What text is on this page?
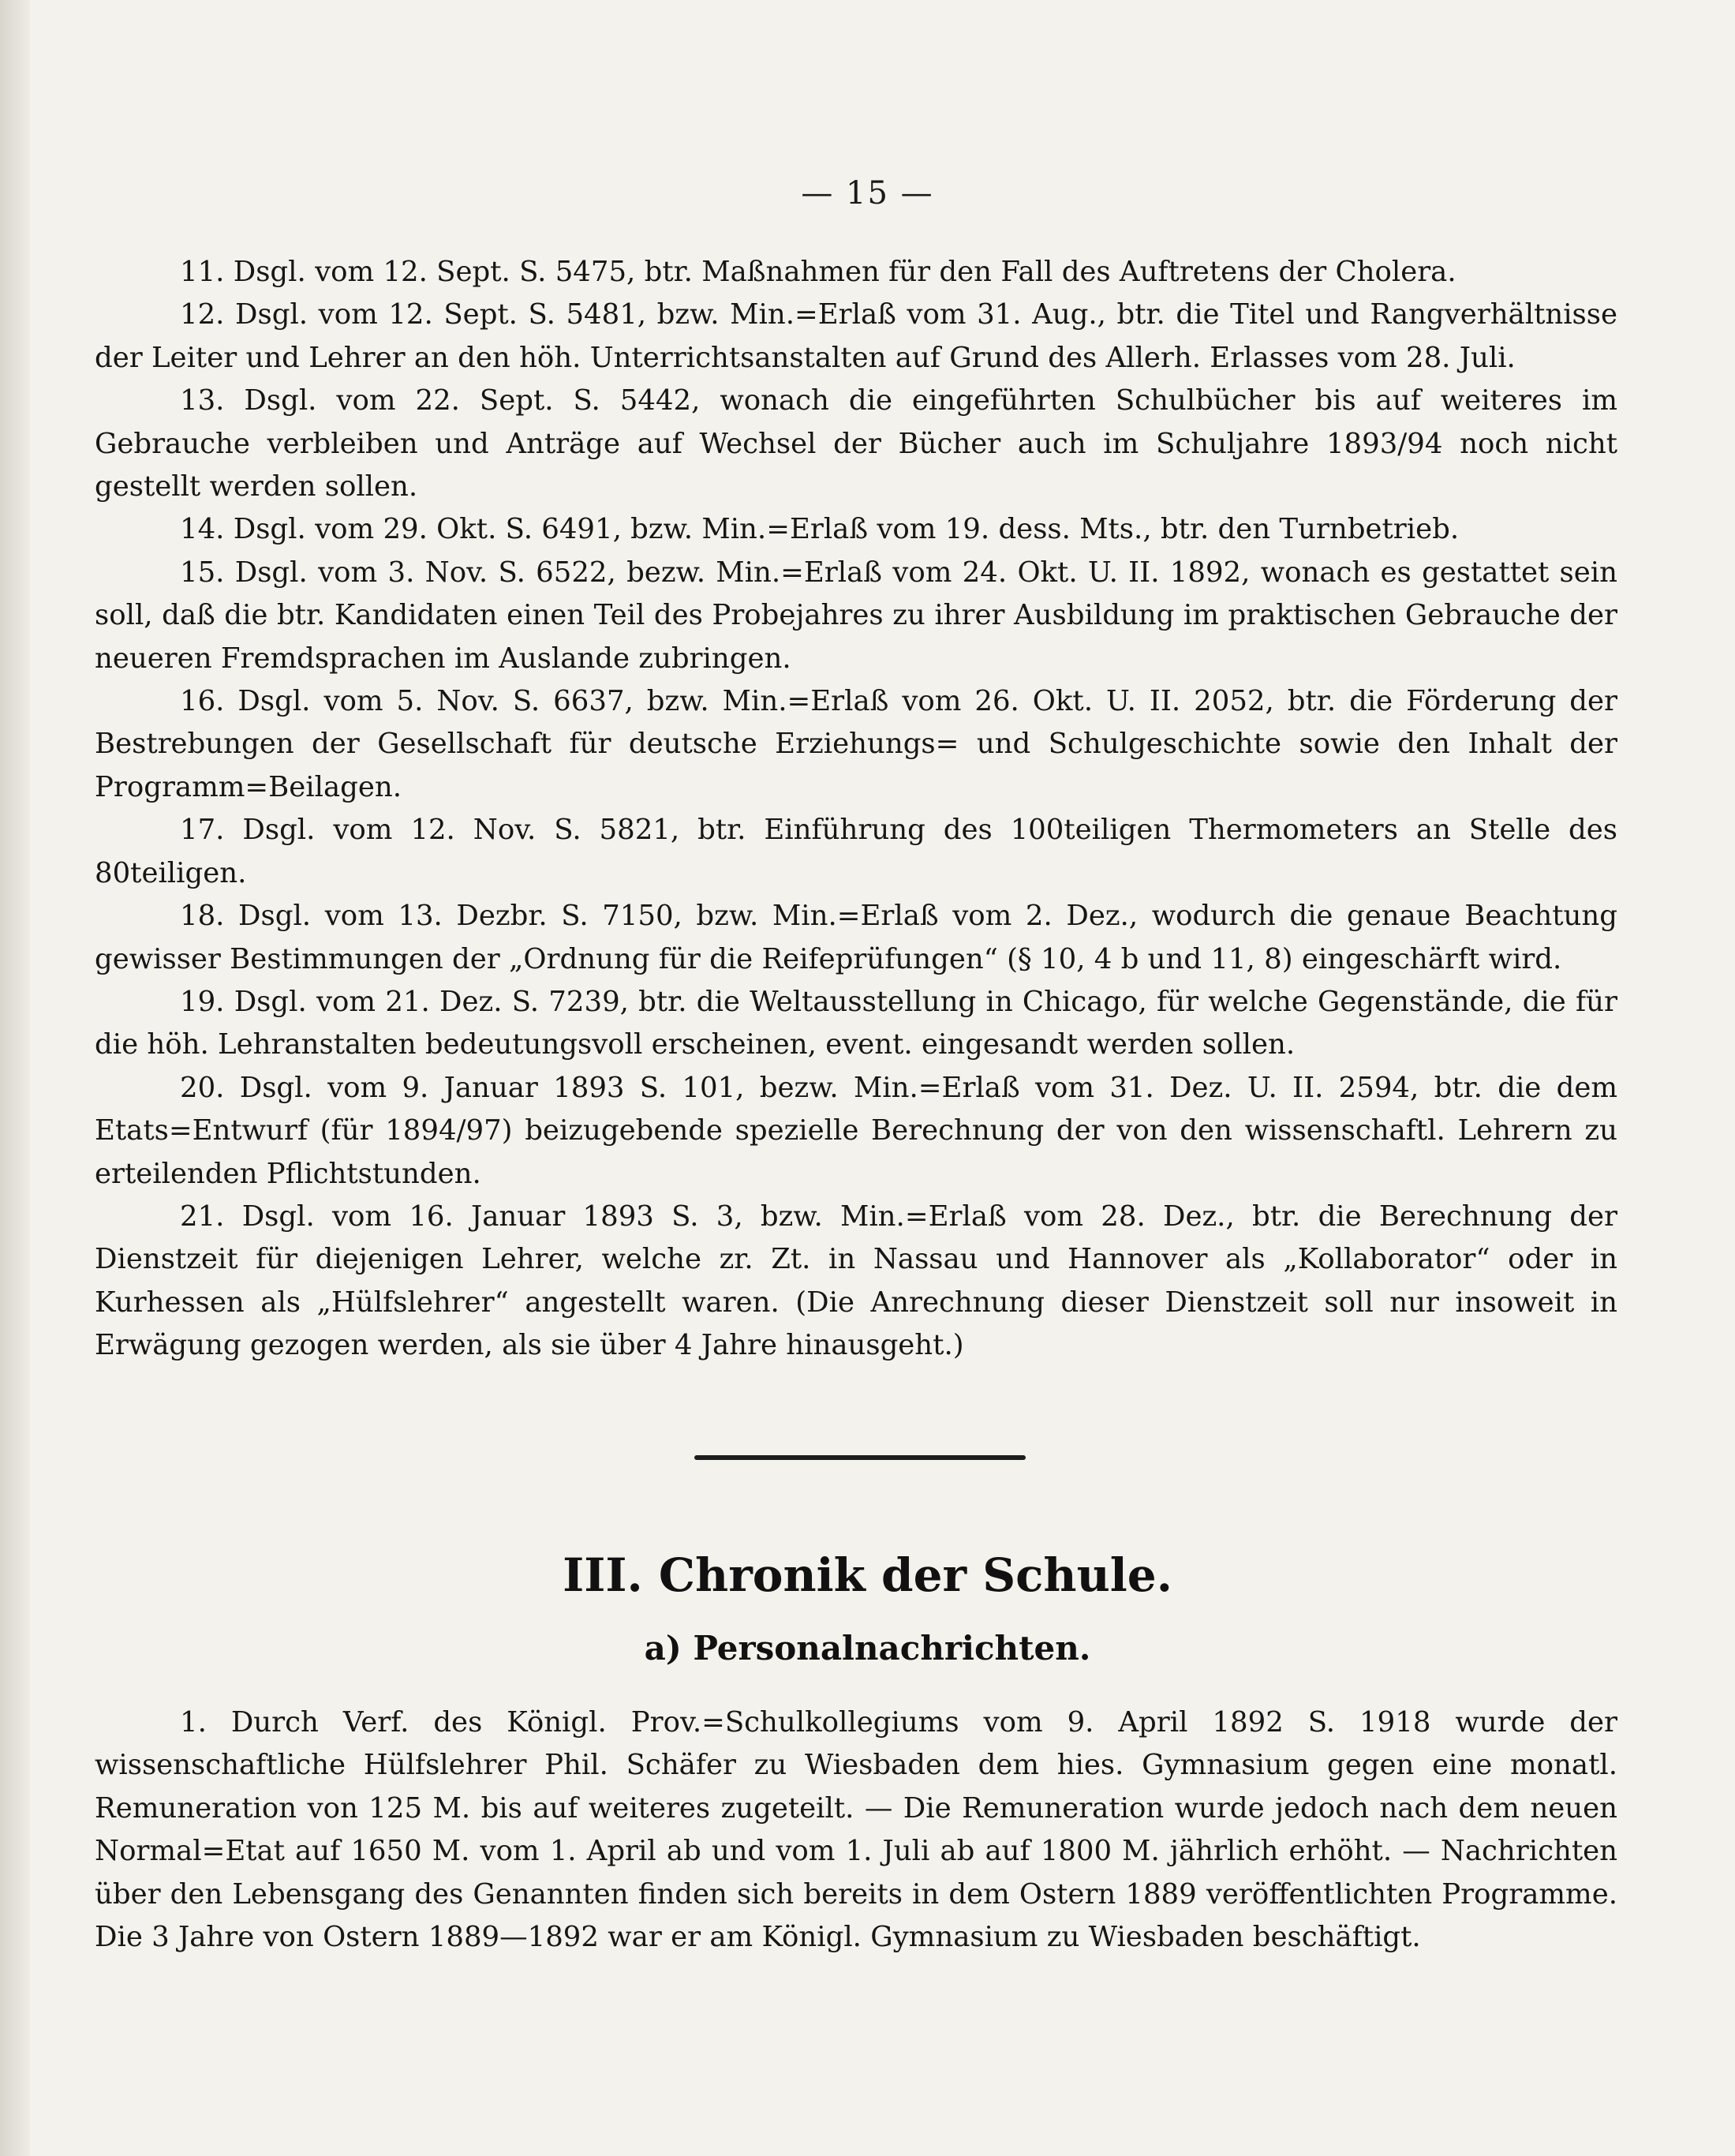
— 15 —

11. Dsgl. vom 12. Sept. S. 5475, btr. Maßnahmen für den Fall des Auftretens der Cholera.

12. Dsgl. vom 12. Sept. S. 5481, bzw. Min.=Erlaß vom 31. Aug., btr. die Titel und Rangverhältnisse der Leiter und Lehrer an den höh. Unterrichtsanstalten auf Grund des Allerh. Erlasses vom 28. Juli.

13. Dsgl. vom 22. Sept. S. 5442, wonach die eingeführten Schulbücher bis auf weiteres im Gebrauche verbleiben und Anträge auf Wechsel der Bücher auch im Schuljahre 1893/94 noch nicht gestellt werden sollen.

14. Dsgl. vom 29. Okt. S. 6491, bzw. Min.=Erlaß vom 19. dess. Mts., btr. den Turnbetrieb.

15. Dsgl. vom 3. Nov. S. 6522, bezw. Min.=Erlaß vom 24. Okt. U. II. 1892, wonach es gestattet sein soll, daß die btr. Kandidaten einen Teil des Probejahres zu ihrer Ausbildung im praktischen Gebrauche der neueren Fremdsprachen im Auslande zubringen.

16. Dsgl. vom 5. Nov. S. 6637, bzw. Min.=Erlaß vom 26. Okt. U. II. 2052, btr. die Förderung der Bestrebungen der Gesellschaft für deutsche Erziehungs= und Schulgeschichte sowie den Inhalt der Programm=Beilagen.

17. Dsgl. vom 12. Nov. S. 5821, btr. Einführung des 100teiligen Thermometers an Stelle des 80teiligen.

18. Dsgl. vom 13. Dezbr. S. 7150, bzw. Min.=Erlaß vom 2. Dez., wodurch die genaue Beachtung gewisser Bestimmungen der „Ordnung für die Reifeprüfungen“ (§ 10, 4 b und 11, 8) eingeschärft wird.

19. Dsgl. vom 21. Dez. S. 7239, btr. die Weltausstellung in Chicago, für welche Gegenstände, die für die höh. Lehranstalten bedeutungsvoll erscheinen, event. eingesandt werden sollen.

20. Dsgl. vom 9. Januar 1893 S. 101, bezw. Min.=Erlaß vom 31. Dez. U. II. 2594, btr. die dem Etats=Entwurf (für 1894/97) beizugebende spezielle Berechnung der von den wissenschaftl. Lehrern zu erteilenden Pflichtstunden.

21. Dsgl. vom 16. Januar 1893 S. 3, bzw. Min.=Erlaß vom 28. Dez., btr. die Berechnung der Dienstzeit für diejenigen Lehrer, welche zr. Zt. in Nassau und Hannover als „Kollaborator“ oder in Kurhessen als „Hülfslehrer“ angestellt waren. (Die Anrechnung dieser Dienstzeit soll nur insoweit in Erwägung gezogen werden, als sie über 4 Jahre hinausgeht.)

III. Chronik der Schule.
a) Personalnachrichten.

1. Durch Verf. des Königl. Prov.=Schulkollegiums vom 9. April 1892 S. 1918 wurde der wissenschaftliche Hülfslehrer Phil. Schäfer zu Wiesbaden dem hies. Gymnasium gegen eine monatl. Remuneration von 125 M. bis auf weiteres zugeteilt. — Die Remuneration wurde jedoch nach dem neuen Normal=Etat auf 1650 M. vom 1. April ab und vom 1. Juli ab auf 1800 M. jährlich erhöht. — Nachrichten über den Lebensgang des Genannten finden sich bereits in dem Ostern 1889 veröffentlichten Programme. Die 3 Jahre von Ostern 1889—1892 war er am Königl. Gymnasium zu Wiesbaden beschäftigt.
